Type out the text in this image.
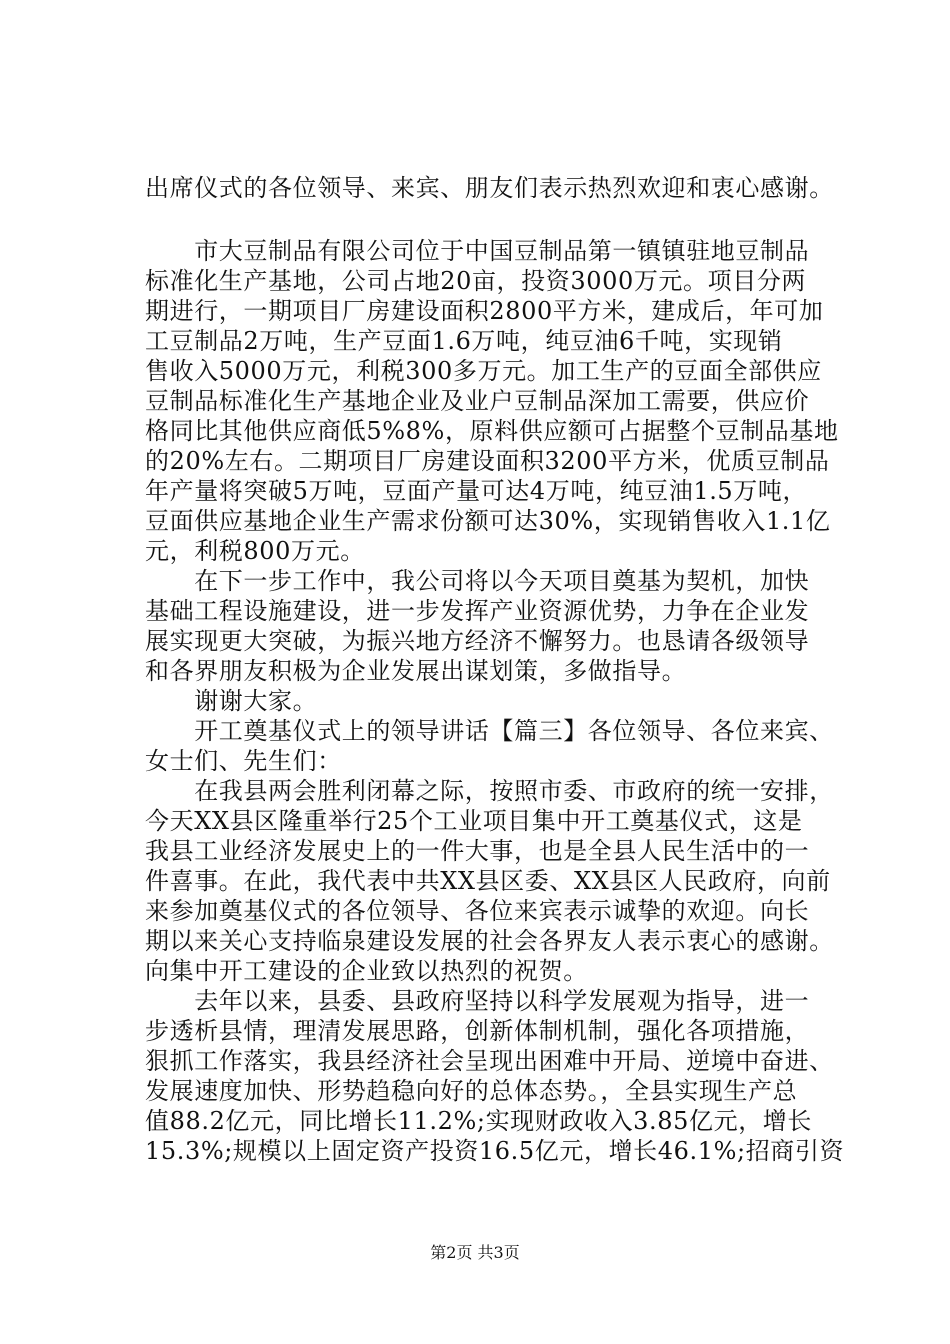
出席仪式的各位领导、来宾、朋友们表示热烈欢迎和衷心感谢。
　　市大豆制品有限公司位于中国豆制品第一镇镇驻地豆制品
标准化生产基地，公司占地20亩，投资3000万元。项目分两
期进行，一期项目厂房建设面积2800平方米，建成后，年可加
工豆制品2万吨，生产豆面1.6万吨，纯豆油6千吨，实现销
售收入5000万元，利税300多万元。加工生产的豆面全部供应
豆制品标准化生产基地企业及业户豆制品深加工需要，供应价
格同比其他供应商低5%8%，原料供应额可占据整个豆制品基地
的20%左右。二期项目厂房建设面积3200平方米，优质豆制品
年产量将突破5万吨，豆面产量可达4万吨，纯豆油1.5万吨，
豆面供应基地企业生产需求份额可达30%，实现销售收入1.1亿
元，利税800万元。
　　在下一步工作中，我公司将以今天项目奠基为契机，加快
基础工程设施建设，进一步发挥产业资源优势，力争在企业发
展实现更大突破，为振兴地方经济不懈努力。也恳请各级领导
和各界朋友积极为企业发展出谋划策，多做指导。
　　谢谢大家。
　　开工奠基仪式上的领导讲话【篇三】各位领导、各位来宾、
女士们、先生们：
　　在我县两会胜利闭幕之际，按照市委、市政府的统一安排，
今天XX县区隆重举行25个工业项目集中开工奠基仪式，这是
我县工业经济发展史上的一件大事，也是全县人民生活中的一
件喜事。在此，我代表中共XX县区委、XX县区人民政府，向前
来参加奠基仪式的各位领导、各位来宾表示诚挚的欢迎。向长
期以来关心支持临泉建设发展的社会各界友人表示衷心的感谢。
向集中开工建设的企业致以热烈的祝贺。
　　去年以来，县委、县政府坚持以科学发展观为指导，进一
步透析县情，理清发展思路，创新体制机制，强化各项措施，
狠抓工作落实，我县经济社会呈现出困难中开局、逆境中奋进、
发展速度加快、形势趋稳向好的总体态势。，全县实现生产总
值88.2亿元，同比增长11.2%;实现财政收入3.85亿元，增长
15.3%;规模以上固定资产投资16.5亿元，增长46.1%;招商引资
第2页 共3页
